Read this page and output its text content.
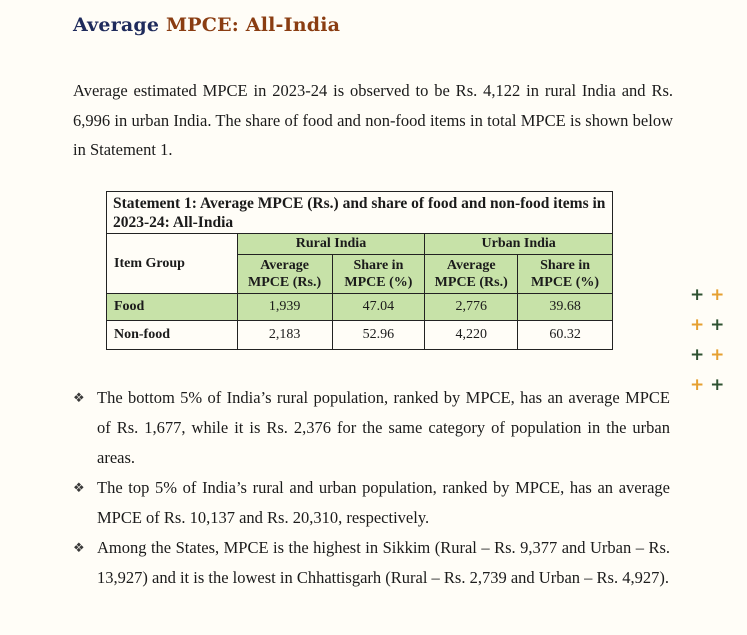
Average MPCE: All-India

Average estimated MPCE in 2023-24 is observed to be Rs. 4,122 in rural India and Rs. 6,996 in urban India. The share of food and non-food items in total MPCE is shown below in Statement 1.

Statement 1: Average MPCE (Rs.) and share of food and non-food items in 2023-24: All-India				
Item Group	Rural India		Urban India	
	Average MPCE (Rs.)	Share in MPCE (%)	Average MPCE (Rs.)	Share in MPCE (%)
Food	1,939	47.04	2,776	39.68
Non-food	2,183	52.96	4,220	60.32
+ +
+ +
+ +
+ +
❖ The bottom 5% of India’s rural population, ranked by MPCE, has an average MPCE of Rs. 1,677, while it is Rs. 2,376 for the same category of population in the urban areas.
❖ The top 5% of India’s rural and urban population, ranked by MPCE, has an average MPCE of Rs. 10,137 and Rs. 20,310, respectively.
❖ Among the States, MPCE is the highest in Sikkim (Rural – Rs. 9,377 and Urban – Rs. 13,927) and it is the lowest in Chhattisgarh (Rural – Rs. 2,739 and Urban – Rs. 4,927).
